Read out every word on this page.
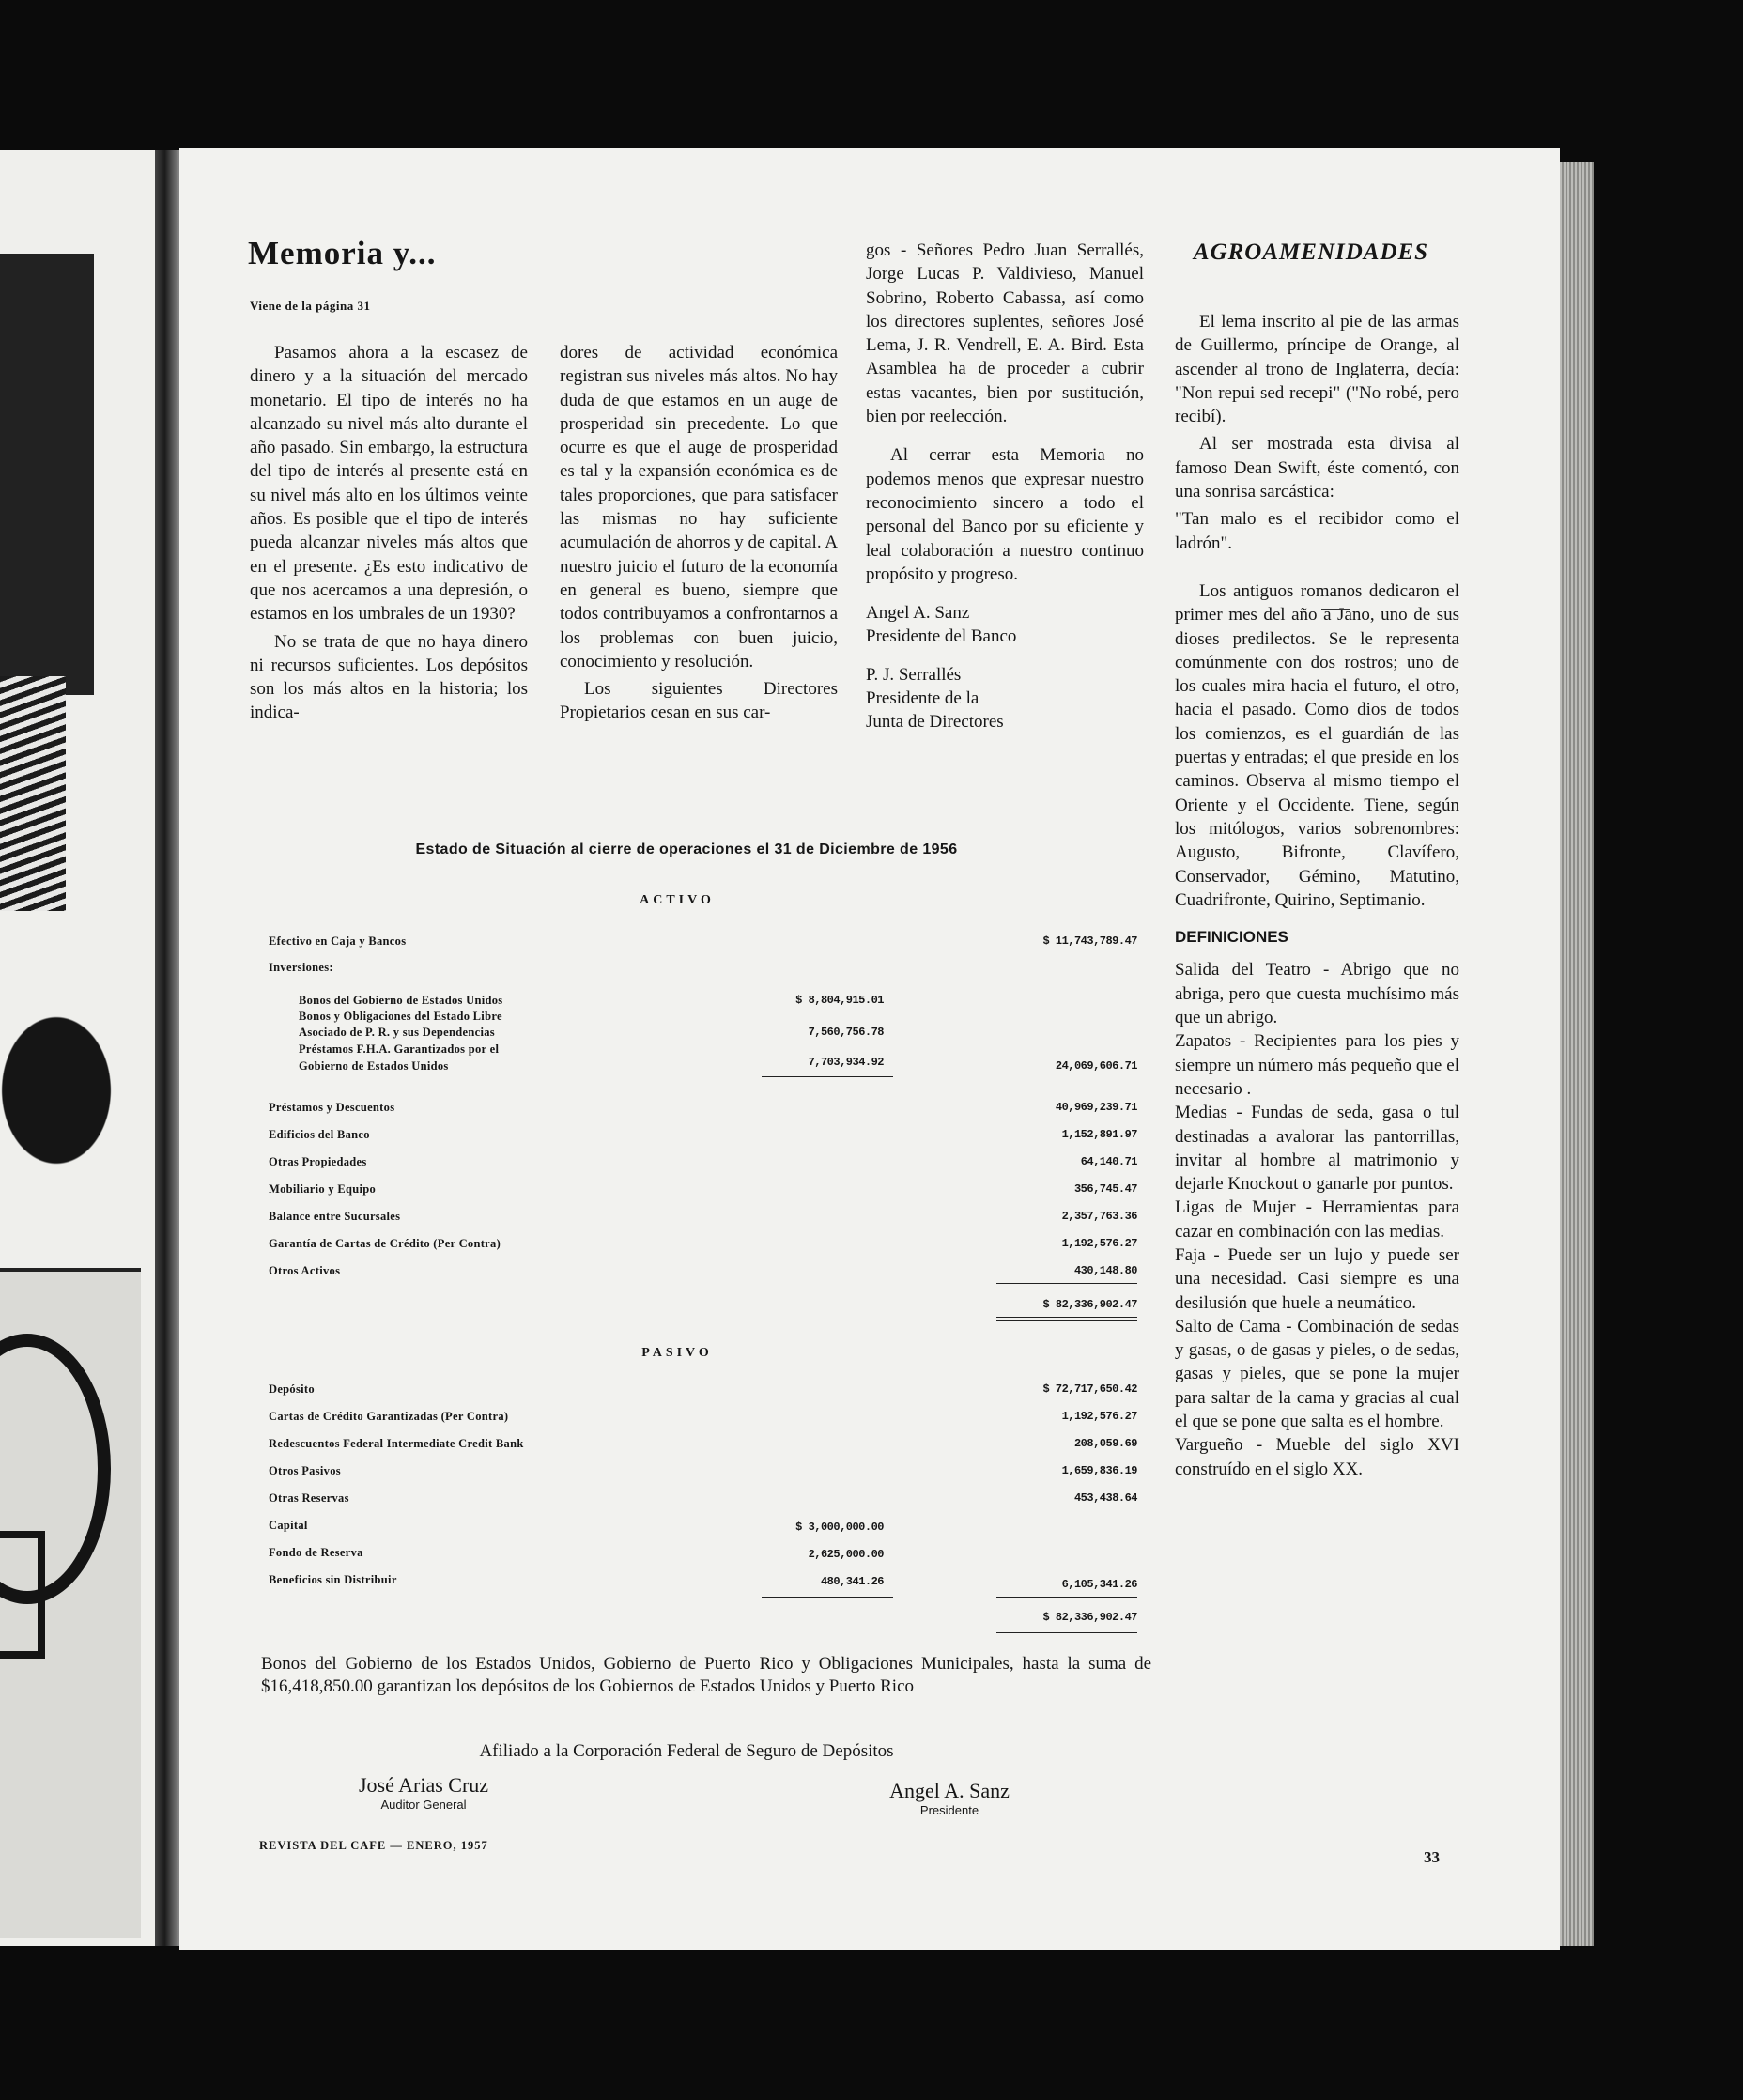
Memoria y...
Viene de la página 31

Pasamos ahora a la escasez de dinero y a la situación del mercado monetario. El tipo de interés no ha alcanzado su nivel más alto durante el año pasado. Sin embargo, la estructura del tipo de interés al presente está en su nivel más alto en los últimos veinte años. Es posible que el tipo de interés pueda alcanzar niveles más altos que en el presente. ¿Es esto indicativo de que nos acercamos a una depresión, o estamos en los umbrales de un 1930?

No se trata de que no haya dinero ni recursos suficientes. Los depósitos son los más altos en la historia; los indica-

dores de actividad económica registran sus niveles más altos. No hay duda de que estamos en un auge de prosperidad sin precedente. Lo que ocurre es que el auge de prosperidad es tal y la expansión económica es de tales proporciones, que para satisfacer las mismas no hay suficiente acumulación de ahorros y de capital. A nuestro juicio el futuro de la economía en general es bueno, siempre que todos contribuyamos a confrontarnos a los problemas con buen juicio, conocimiento y resolución.

Los siguientes Directores Propietarios cesan en sus car-

gos - Señores Pedro Juan Serrallés, Jorge Lucas P. Valdivieso, Manuel Sobrino, Roberto Cabassa, así como los directores suplentes, señores José Lema, J. R. Vendrell, E. A. Bird. Esta Asamblea ha de proceder a cubrir estas vacantes, bien por sustitución, bien por reelección.

Al cerrar esta Memoria no podemos menos que expresar nuestro reconocimiento sincero a todo el personal del Banco por su eficiente y leal colaboración a nuestro continuo propósito y progreso.

Angel A. Sanz
Presidente del Banco
P. J. Serrallés
Presidente de la
Junta de Directores
AGROAMENIDADES

El lema inscrito al pie de las armas de Guillermo, príncipe de Orange, al ascender al trono de Inglaterra, decía: "Non repui sed recepi" ("No robé, pero recibí).

Al ser mostrada esta divisa al famoso Dean Swift, éste comentó, con una sonrisa sarcástica:

"Tan malo es el recibidor como el ladrón".

Los antiguos romanos dedicaron el primer mes del año a Jano, uno de sus dioses predilectos. Se le representa comúnmente con dos rostros; uno de los cuales mira hacia el futuro, el otro, hacia el pasado. Como dios de todos los comienzos, es el guardián de las puertas y entradas; el que preside en los caminos. Observa al mismo tiempo el Oriente y el Occidente. Tiene, según los mitólogos, varios sobrenombres: Augusto, Bifronte, Clavífero, Conservador, Gémino, Matutino, Cuadrifronte, Quirino, Septimanio.

DEFINICIONES

Salida del Teatro - Abrigo que no abriga, pero que cuesta muchísimo más que un abrigo.

Zapatos - Recipientes para los pies y siempre un número más pequeño que el necesario .

Medias - Fundas de seda, gasa o tul destinadas a avalorar las pantorrillas, invitar al hombre al matrimonio y dejarle Knockout o ganarle por puntos.

Ligas de Mujer - Herramientas para cazar en combinación con las medias.

Faja - Puede ser un lujo y puede ser una necesidad. Casi siempre es una desilusión que huele a neumático.

Salto de Cama - Combinación de sedas y gasas, o de gasas y pieles, o de sedas, gasas y pieles, que se pone la mujer para saltar de la cama y gracias al cual el que se pone que salta es el hombre.

Vargueño - Mueble del siglo XVI construído en el siglo XX.

Estado de Situación al cierre de operaciones el 31 de Diciembre de 1956
ACTIVO
Efectivo en Caja y Bancos	$ 11,743,789.47
Inversiones:
Bonos del Gobierno de Estados Unidos	$ 8,804,915.01
Bonos y Obligaciones del Estado Libre
Asociado de P. R. y sus Dependencias	7,560,756.78
Préstamos F.H.A. Garantizados por el
Gobierno de Estados Unidos	7,703,934.92	24,069,606.71
Préstamos y Descuentos	40,969,239.71
Edificios del Banco	1,152,891.97
Otras Propiedades	64,140.71
Mobiliario y Equipo	356,745.47
Balance entre Sucursales	2,357,763.36
Garantía de Cartas de Crédito (Per Contra)	1,192,576.27
Otros Activos	430,148.80
$ 82,336,902.47
PASIVO
Depósito	$ 72,717,650.42
Cartas de Crédito Garantizadas (Per Contra)	1,192,576.27
Redescuentos Federal Intermediate Credit Bank	208,059.69
Otros Pasivos	1,659,836.19
Otras Reservas	453,438.64
Capital	$ 3,000,000.00
Fondo de Reserva	2,625,000.00
Beneficios sin Distribuir	480,341.26	6,105,341.26
$ 82,336,902.47
Bonos del Gobierno de los Estados Unidos, Gobierno de Puerto Rico y Obligaciones Municipales, hasta la suma de $16,418,850.00 garantizan los depósitos de los Gobiernos de Estados Unidos y Puerto Rico
Afiliado a la Corporación Federal de Seguro de Depósitos
José Arias Cruz
Auditor General
Angel A. Sanz
Presidente
REVISTA DEL CAFE — ENERO, 1957
33
